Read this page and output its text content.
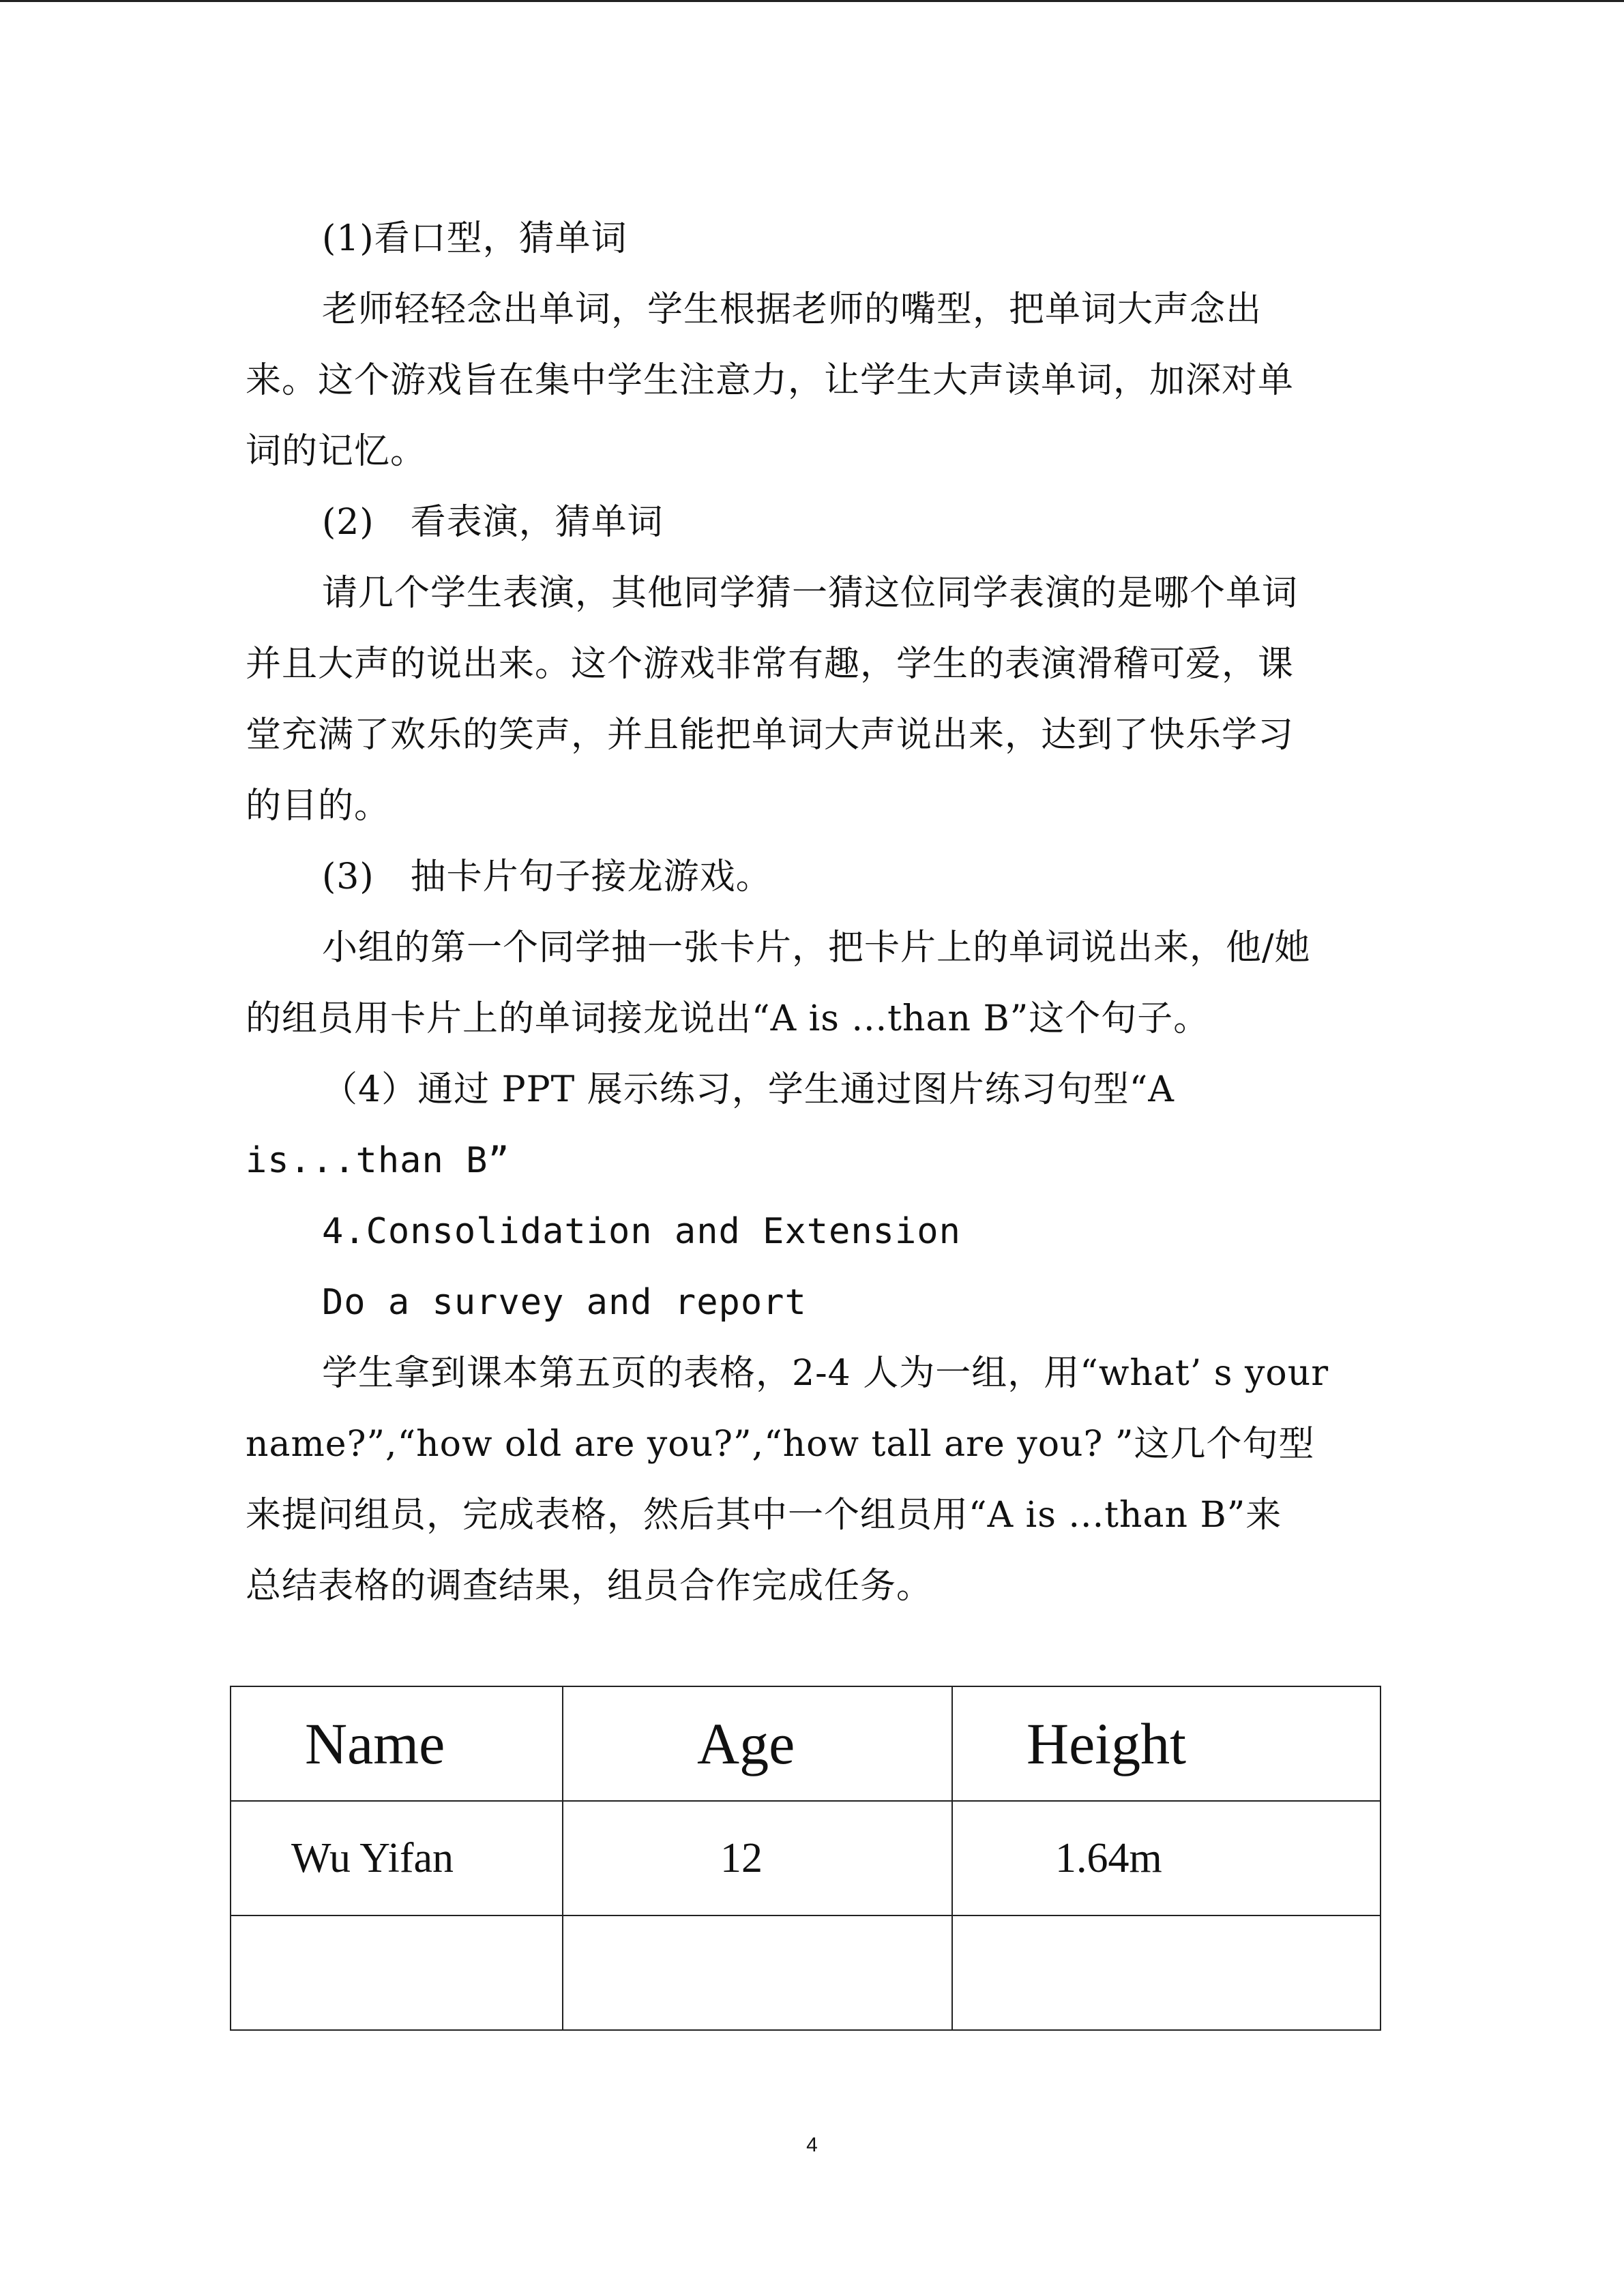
(1)看口型，猜单词
老师轻轻念出单词，学生根据老师的嘴型，把单词大声念出
来。这个游戏旨在集中学生注意力，让学生大声读单词，加深对单
词的记忆。
(2)　看表演，猜单词
请几个学生表演，其他同学猜一猜这位同学表演的是哪个单词
并且大声的说出来。这个游戏非常有趣，学生的表演滑稽可爱，课
堂充满了欢乐的笑声，并且能把单词大声说出来，达到了快乐学习
的目的。
(3)　抽卡片句子接龙游戏。
小组的第一个同学抽一张卡片，把卡片上的单词说出来，他/她
的组员用卡片上的单词接龙说出“A is ...than B”这个句子。
（4）通过 PPT 展示练习，学生通过图片练习句型“A
is...than B”
4.Consolidation and Extension
Do a survey and report
学生拿到课本第五页的表格，2-4 人为一组，用“what’ s your
name?”,“how old are you?”,“how tall are you? ”这几个句型
来提问组员，完成表格，然后其中一个组员用“A is ...than B”来
总结表格的调查结果，组员合作完成任务。
Name	Age	Height
Wu Yifan	12	1.64m

4
